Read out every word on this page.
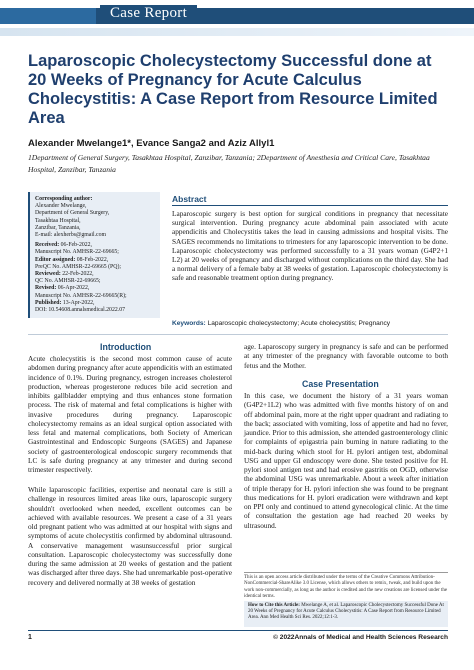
Case Report
Laparoscopic Cholecystectomy Successful done at 20 Weeks of Pregnancy for Acute Calculus Cholecystitis: A Case Report from Resource Limited Area
Alexander Mwelange1*, Evance Sanga2 and Aziz Allyl1
1Department of General Surgery, Tasakhtaa Hospital, Zanzibar, Tanzania; 2Department of Anesthesia and Critical Care, Tasakhtaa Hospital, Zanzibar, Tanzania
Corresponding author:
Alexander Mwelange,
Department of General Surgery,
Tasakhtaa Hospital,
Zanzibar, Tanzania,
E-mail: alexherbs@gmail.com
Received: 06-Feb-2022,
Manuscript No. AMHSR-22-69665;
Editor assigned: 08-Feb-2022,
PreQC No. AMHSR-22-69665 (PQ);
Reviewed: 22-Feb-2022,
QC No. AMHSR-22-69665;
Revised: 06-Apr-2022,
Manuscript No. AMHSR-22-69665(R);
Published: 13-Apr-2022,
DOI: 10.54608.annalsmedical.2022.07
Abstract
Laparoscopic surgery is best option for surgical conditions in pregnancy that necessitate surgical intervention. During pregnancy acute abdominal pain associated with acute appendicitis and Cholecystitis takes the lead in causing admissions and hospital visits. The SAGES recommends no limitations to trimesters for any laparoscopic intervention to be done. Laparoscopic cholecystectomy was performed successfully to a 31 years woman (G4P2+1 L2) at 20 weeks of pregnancy and discharged without complications on the third day. She had a normal delivery of a female baby at 38 weeks of gestation. Laparoscopic cholecystectomy is safe and reasonable treatment option during pregnancy.
Keywords: Laparoscopic cholecystectomy; Acute cholecystitis; Pregnancy
Introduction
Acute cholecystitis is the second most common cause of acute abdomen during pregnancy after acute appendicitis with an estimated incidence of 0.1%. During pregnancy, estrogen increases cholesterol production, whereas progesterone reduces bile acid secretion and inhibits gallbladder emptying and thus enhances stone formation process. The risk of maternal and fetal complications is higher with invasive procedures during pregnancy. Laparoscopic cholecystectomy remains as an ideal surgical option associated with less fetal and maternal complications, both Society of American Gastrointestinal and Endoscopic Surgeons (SAGES) and Japanese society of gastroenterological endoscopic surgery recommends that LC is safe during pregnancy at any trimester and during second trimester respectively.
While laparoscopic facilities, expertise and neonatal care is still a challenge in resources limited areas like ours, laparoscopic surgery shouldn't overlooked when needed, excellent outcomes can be achieved with available resources. We present a case of a 31 years old pregnant patient who was admitted at our hospital with signs and symptoms of acute cholecystitis confirmed by abdominal ultrasound. A conservative management wasunsuccessful prior surgical consultation. Laparoscopic cholecystectomy was successfully done during the same admission at 20 weeks of gestation and the patient was discharged after three days. She had unremarkable post-operative recovery and delivered normally at 38 weeks of gestation
age. Laparoscopy surgery in pregnancy is safe and can be performed at any trimester of the pregnancy with favorable outcome to both fetus and the Mother.
Case Presentation
In this case, we document the history of a 31 years woman (G4P2+1L2) who was admitted with five months history of on and off abdominal pain, more at the right upper quadrant and radiating to the back; associated with vomiting, loss of appetite and had no fever, jaundice. Prior to this admission, she attended gastroenterology clinic for complaints of epigastria pain burning in nature radiating to the mid-back during which stool for H. pylori antigen test, abdominal USG and upper GI endoscopy were done. She tested positive for H. pylori stool antigen test and had erosive gastritis on OGD, otherwise the abdominal USG was unremarkable. About a week after initiation of triple therapy for H. pylori infection she was found to be pregnant thus medications for H. pylori eradication were withdrawn and kept on PPI only and continued to attend gynecological clinic. At the time of consultation the gestation age had reached 20 weeks by ultrasound.
This is an open access article distributed under the terms of the Creative Commons Attribution-NonCommercial-ShareAlike 3.0 License, which allows others to remix, tweak, and build upon the work non-commercially, as long as the author is credited and the new creations are licensed under the identical terms.
How to Cite this Article: Mwelange A, et al. Laparoscopic Cholecystectomy Successful Done At 20 Weeks of Pregnancy for Acute Calculus Cholecystitis: A Case Report from Resource Limited Area. Ann Med Health Sci Res. 2022;12:1-3.
1	© 2022Annals of Medical and Health Sciences Research
